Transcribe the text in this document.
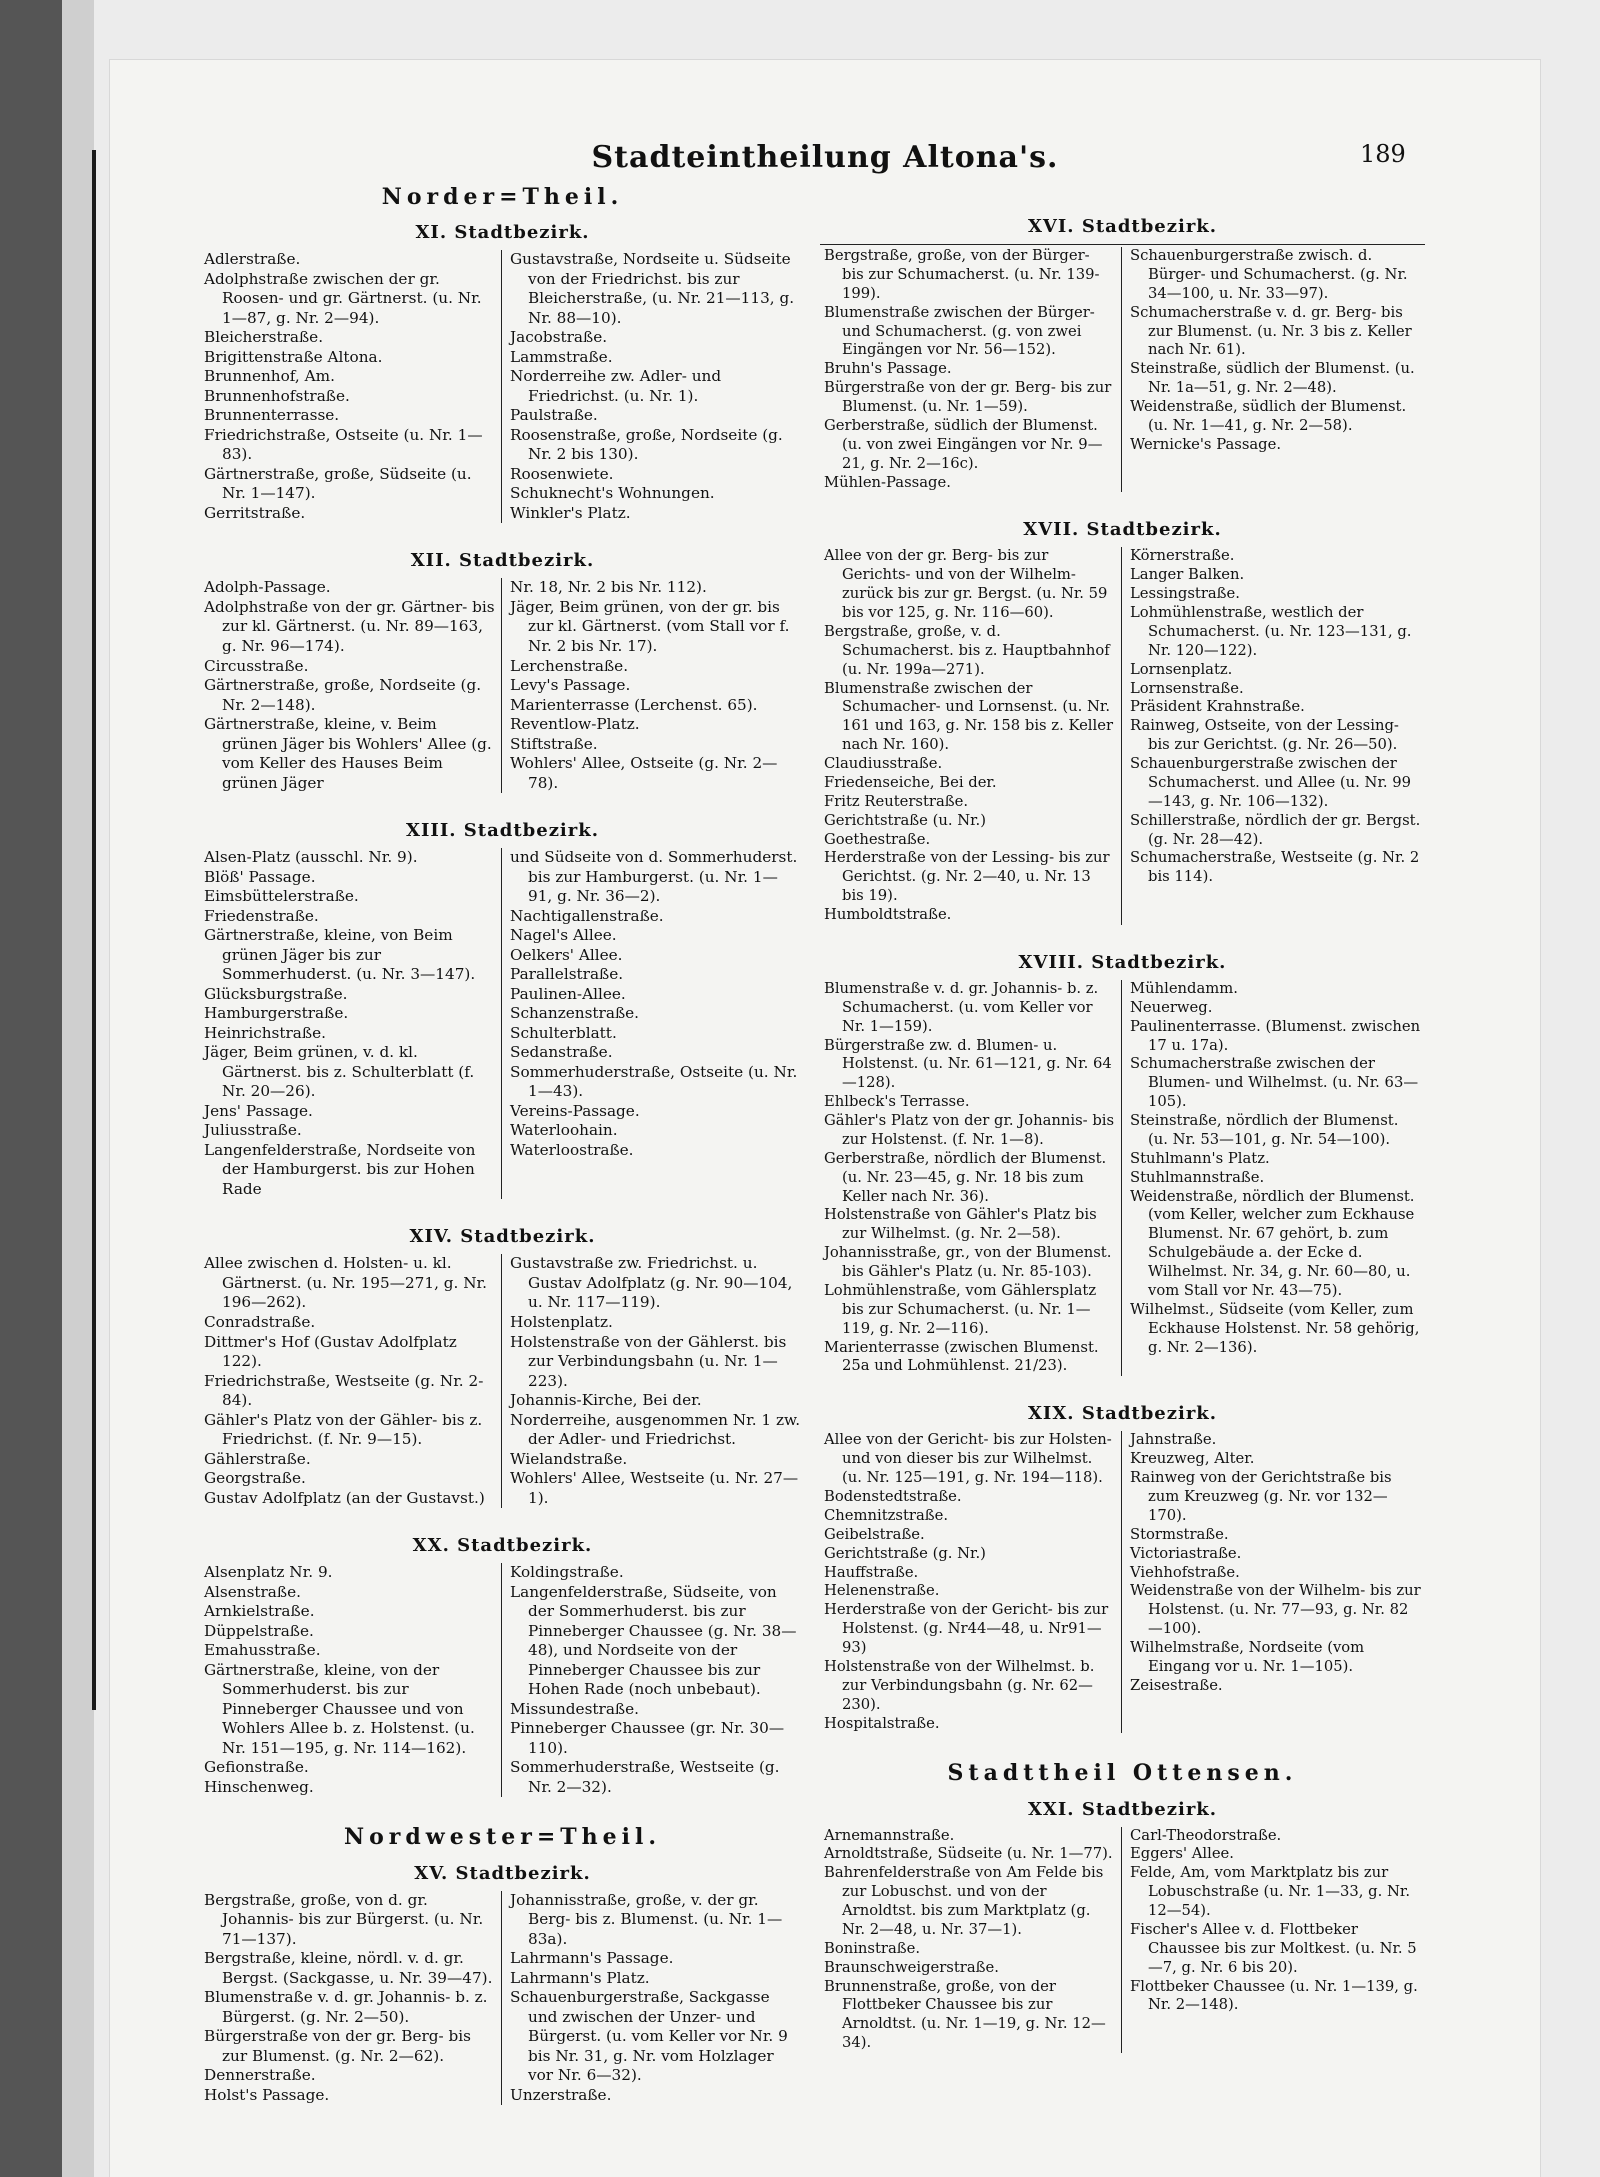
Stadteintheilung Altona's.	189
Norder=Theil.
XI. Stadtbezirk.
Adlerstraße.
Adolphstraße zwischen der gr. Roosen- und gr. Gärtnerst. (u. Nr. 1—87, g. Nr. 2—94).
Bleicherstraße.
Brigittenstraße Altona.
Brunnenhof, Am.
Brunnenhofstraße.
Brunnenterrasse.
Friedrichstraße, Ostseite (u. Nr. 1—83).
Gärtnerstraße, große, Südseite (u. Nr. 1—147).
Gerritstraße.
Gustavstraße, Nordseite u. Südseite von der Friedrichst. bis zur Bleicherstraße, (u. Nr. 21—113, g. Nr. 88—10).
Jacobstraße.
Lammstraße.
Norderreihe zw. Adler- und Friedrichst. (u. Nr. 1).
Paulstraße.
Roosenstraße, große, Nordseite (g. Nr. 2 bis 130).
Roosenwiete.
Schuknecht's Wohnungen.
Winkler's Platz.
XII. Stadtbezirk.
Adolph-Passage.
Adolphstraße von der gr. Gärtner- bis zur kl. Gärtnerst. (u. Nr. 89—163, g. Nr. 96—174).
Circusstraße.
Gärtnerstraße, große, Nordseite (g. Nr. 2—148).
Gärtnerstraße, kleine, v. Beim grünen Jäger bis Wohlers' Allee (g. vom Keller des Hauses Beim grünen Jäger
Nr. 18, Nr. 2 bis Nr. 112).
Jäger, Beim grünen, von der gr. bis zur kl. Gärtnerst. (vom Stall vor f. Nr. 2 bis Nr. 17).
Lerchenstraße.
Levy's Passage.
Marienterrasse (Lerchenst. 65).
Reventlow-Platz.
Stiftstraße.
Wohlers' Allee, Ostseite (g. Nr. 2—78).
XIII. Stadtbezirk.
Alsen-Platz (ausschl. Nr. 9).
Blöß' Passage.
Eimsbüttelerstraße.
Friedenstraße.
Gärtnerstraße, kleine, von Beim grünen Jäger bis zur Sommerhuderst. (u. Nr. 3—147).
Glücksburgstraße.
Hamburgerstraße.
Heinrichstraße.
Jäger, Beim grünen, v. d. kl. Gärtnerst. bis z. Schulterblatt (f. Nr. 20—26).
Jens' Passage.
Juliusstraße.
Langenfelderstraße, Nordseite von der Hamburgerst. bis zur Hohen Rade
und Südseite von d. Sommerhuderst. bis zur Hamburgerst. (u. Nr. 1—91, g. Nr. 36—2).
Nachtigallenstraße.
Nagel's Allee.
Oelkers' Allee.
Parallelstraße.
Paulinen-Allee.
Schanzenstraße.
Schulterblatt.
Sedanstraße.
Sommerhuderstraße, Ostseite (u. Nr. 1—43).
Vereins-Passage.
Waterloohain.
Waterloostraße.
XIV. Stadtbezirk.
Allee zwischen d. Holsten- u. kl. Gärtnerst. (u. Nr. 195—271, g. Nr. 196—262).
Conradstraße.
Dittmer's Hof (Gustav Adolfplatz 122).
Friedrichstraße, Westseite (g. Nr. 2-84).
Gähler's Platz von der Gähler- bis z. Friedrichst. (f. Nr. 9—15).
Gählerstraße.
Georgstraße.
Gustav Adolfplatz (an der Gustavst.)
Gustavstraße zw. Friedrichst. u. Gustav Adolfplatz (g. Nr. 90—104, u. Nr. 117—119).
Holstenplatz.
Holstenstraße von der Gählerst. bis zur Verbindungsbahn (u. Nr. 1—223).
Johannis-Kirche, Bei der.
Norderreihe, ausgenommen Nr. 1 zw. der Adler- und Friedrichst.
Wielandstraße.
Wohlers' Allee, Westseite (u. Nr. 27—1).
XX. Stadtbezirk.
Alsenplatz Nr. 9.
Alsenstraße.
Arnkielstraße.
Düppelstraße.
Emahusstraße.
Gärtnerstraße, kleine, von der Sommerhuderst. bis zur Pinneberger Chaussee und von Wohlers Allee b. z. Holstenst. (u. Nr. 151—195, g. Nr. 114—162).
Gefionstraße.
Hinschenweg.
Koldingstraße.
Langenfelderstraße, Südseite, von der Sommerhuderst. bis zur Pinneberger Chaussee (g. Nr. 38—48), und Nordseite von der Pinneberger Chaussee bis zur Hohen Rade (noch unbebaut).
Missundestraße.
Pinneberger Chaussee (gr. Nr. 30—110).
Sommerhuderstraße, Westseite (g. Nr. 2—32).
Nordwester=Theil.
XV. Stadtbezirk.
Bergstraße, große, von d. gr. Johannis- bis zur Bürgerst. (u. Nr. 71—137).
Bergstraße, kleine, nördl. v. d. gr. Bergst. (Sackgasse, u. Nr. 39—47).
Blumenstraße v. d. gr. Johannis- b. z. Bürgerst. (g. Nr. 2—50).
Bürgerstraße von der gr. Berg- bis zur Blumenst. (g. Nr. 2—62).
Dennerstraße.
Holst's Passage.
Johannisstraße, große, v. der gr. Berg- bis z. Blumenst. (u. Nr. 1—83a).
Lahrmann's Passage.
Lahrmann's Platz.
Schauenburgerstraße, Sackgasse und zwischen der Unzer- und Bürgerst. (u. vom Keller vor Nr. 9 bis Nr. 31, g. Nr. vom Holzlager vor Nr. 6—32).
Unzerstraße.
XVI. Stadtbezirk.
Bergstraße, große, von der Bürger- bis zur Schumacherst. (u. Nr. 139-199).
Blumenstraße zwischen der Bürger- und Schumacherst. (g. von zwei Eingängen vor Nr. 56—152).
Bruhn's Passage.
Bürgerstraße von der gr. Berg- bis zur Blumenst. (u. Nr. 1—59).
Gerberstraße, südlich der Blumenst. (u. von zwei Eingängen vor Nr. 9—21, g. Nr. 2—16c).
Mühlen-Passage.
Schauenburgerstraße zwisch. d. Bürger- und Schumacherst. (g. Nr. 34—100, u. Nr. 33—97).
Schumacherstraße v. d. gr. Berg- bis zur Blumenst. (u. Nr. 3 bis z. Keller nach Nr. 61).
Steinstraße, südlich der Blumenst. (u. Nr. 1a—51, g. Nr. 2—48).
Weidenstraße, südlich der Blumenst. (u. Nr. 1—41, g. Nr. 2—58).
Wernicke's Passage.
XVII. Stadtbezirk.
Allee von der gr. Berg- bis zur Gerichts- und von der Wilhelm- zurück bis zur gr. Bergst. (u. Nr. 59 bis vor 125, g. Nr. 116—60).
Bergstraße, große, v. d. Schumacherst. bis z. Hauptbahnhof (u. Nr. 199a—271).
Blumenstraße zwischen der Schumacher- und Lornsenst. (u. Nr. 161 und 163, g. Nr. 158 bis z. Keller nach Nr. 160).
Claudiusstraße.
Friedenseiche, Bei der.
Fritz Reuterstraße.
Gerichtstraße (u. Nr.)
Goethestraße.
Herderstraße von der Lessing- bis zur Gerichtst. (g. Nr. 2—40, u. Nr. 13 bis 19).
Humboldtstraße.
Körnerstraße.
Langer Balken.
Lessingstraße.
Lohmühlenstraße, westlich der Schumacherst. (u. Nr. 123—131, g. Nr. 120—122).
Lornsenplatz.
Lornsenstraße.
Präsident Krahnstraße.
Rainweg, Ostseite, von der Lessing- bis zur Gerichtst. (g. Nr. 26—50).
Schauenburgerstraße zwischen der Schumacherst. und Allee (u. Nr. 99—143, g. Nr. 106—132).
Schillerstraße, nördlich der gr. Bergst. (g. Nr. 28—42).
Schumacherstraße, Westseite (g. Nr. 2 bis 114).
XVIII. Stadtbezirk.
Blumenstraße v. d. gr. Johannis- b. z. Schumacherst. (u. vom Keller vor Nr. 1—159).
Bürgerstraße zw. d. Blumen- u. Holstenst. (u. Nr. 61—121, g. Nr. 64—128).
Ehlbeck's Terrasse.
Gähler's Platz von der gr. Johannis- bis zur Holstenst. (f. Nr. 1—8).
Gerberstraße, nördlich der Blumenst. (u. Nr. 23—45, g. Nr. 18 bis zum Keller nach Nr. 36).
Holstenstraße von Gähler's Platz bis zur Wilhelmst. (g. Nr. 2—58).
Johannisstraße, gr., von der Blumenst. bis Gähler's Platz (u. Nr. 85-103).
Lohmühlenstraße, vom Gählersplatz bis zur Schumacherst. (u. Nr. 1—119, g. Nr. 2—116).
Marienterrasse (zwischen Blumenst. 25a und Lohmühlenst. 21/23).
Mühlendamm.
Neuerweg.
Paulinenterrasse. (Blumenst. zwischen 17 u. 17a).
Schumacherstraße zwischen der Blumen- und Wilhelmst. (u. Nr. 63—105).
Steinstraße, nördlich der Blumenst. (u. Nr. 53—101, g. Nr. 54—100).
Stuhlmann's Platz.
Stuhlmannstraße.
Weidenstraße, nördlich der Blumenst. (vom Keller, welcher zum Eckhause Blumenst. Nr. 67 gehört, b. zum Schulgebäude a. der Ecke d. Wilhelmst. Nr. 34, g. Nr. 60—80, u. vom Stall vor Nr. 43—75).
Wilhelmst., Südseite (vom Keller, zum Eckhause Holstenst. Nr. 58 gehörig, g. Nr. 2—136).
XIX. Stadtbezirk.
Allee von der Gericht- bis zur Holsten- und von dieser bis zur Wilhelmst. (u. Nr. 125—191, g. Nr. 194—118).
Bodenstedtstraße.
Chemnitzstraße.
Geibelstraße.
Gerichtstraße (g. Nr.)
Hauffstraße.
Helenenstraße.
Herderstraße von der Gericht- bis zur Holstenst. (g. Nr44—48, u. Nr91—93)
Holstenstraße von der Wilhelmst. b. zur Verbindungsbahn (g. Nr. 62—230).
Hospitalstraße.
Jahnstraße.
Kreuzweg, Alter.
Rainweg von der Gerichtstraße bis zum Kreuzweg (g. Nr. vor 132—170).
Stormstraße.
Victoriastraße.
Viehhofstraße.
Weidenstraße von der Wilhelm- bis zur Holstenst. (u. Nr. 77—93, g. Nr. 82—100).
Wilhelmstraße, Nordseite (vom Eingang vor u. Nr. 1—105).
Zeisestraße.
Stadttheil Ottensen.
XXI. Stadtbezirk.
Arnemannstraße.
Arnoldtstraße, Südseite (u. Nr. 1—77).
Bahrenfelderstraße von Am Felde bis zur Lobuschst. und von der Arnoldtst. bis zum Marktplatz (g. Nr. 2—48, u. Nr. 37—1).
Boninstraße.
Braunschweigerstraße.
Brunnenstraße, große, von der Flottbeker Chaussee bis zur Arnoldtst. (u. Nr. 1—19, g. Nr. 12—34).
Carl-Theodorstraße.
Eggers' Allee.
Felde, Am, vom Marktplatz bis zur Lobuschstraße (u. Nr. 1—33, g. Nr. 12—54).
Fischer's Allee v. d. Flottbeker Chaussee bis zur Moltkest. (u. Nr. 5—7, g. Nr. 6 bis 20).
Flottbeker Chaussee (u. Nr. 1—139, g. Nr. 2—148).
